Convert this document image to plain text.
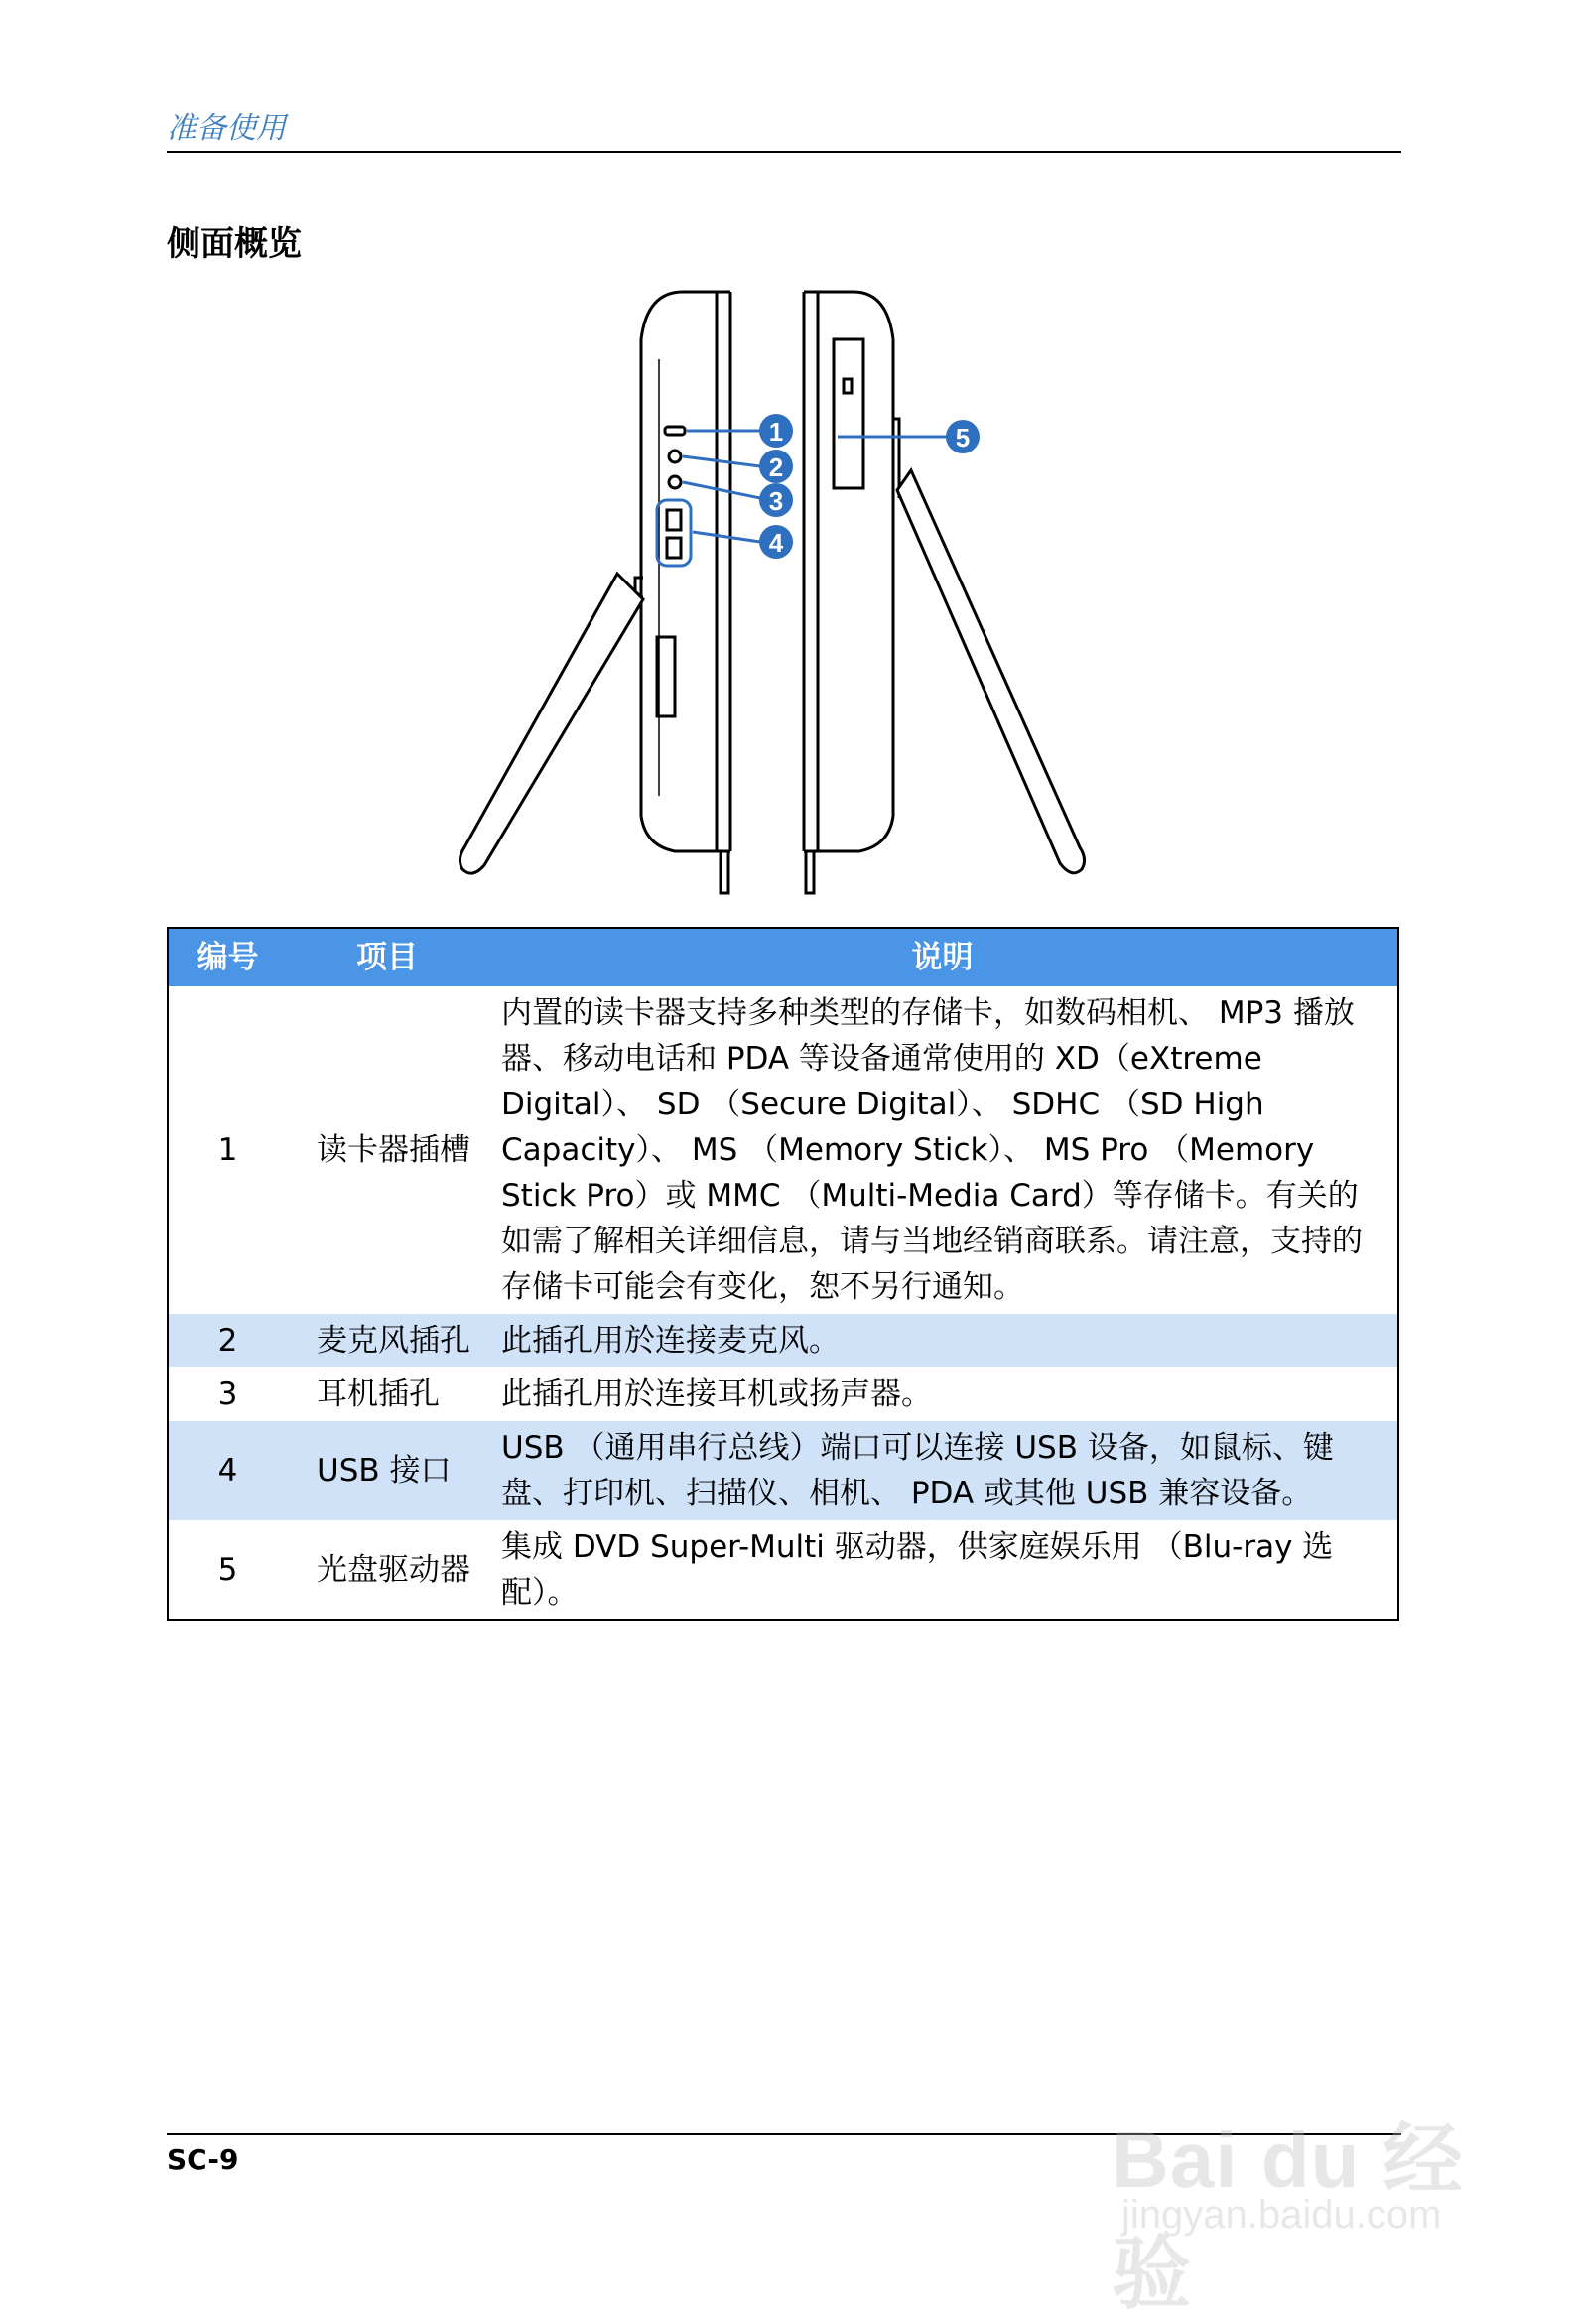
准备使用
侧面概览
1
2
3
4
5
编号	项目	说明
1	读卡器插槽	内置的读卡器支持多种类型的存储卡，如数码相机、 MP3 播放器、移动电话和 PDA 等设备通常使用的 XD（eXtreme Digital）、 SD （Secure Digital）、 SDHC （SD High Capacity）、 MS （Memory Stick）、 MS Pro （Memory Stick Pro）或 MMC （Multi-Media Card）等存储卡。有关的如需了解相关详细信息，请与当地经销商联系。请注意，支持的存储卡可能会有变化，恕不另行通知。
2	麦克风插孔	此插孔用於连接麦克风。
3	耳机插孔	此插孔用於连接耳机或扬声器。
4	USB 接口	USB （通用串行总线）端口可以连接 USB 设备，如鼠标、键盘、打印机、扫描仪、相机、 PDA 或其他 USB 兼容设备。
5	光盘驱动器	集成 DVD Super-Multi 驱动器，供家庭娱乐用 （Blu-ray 选配）。
SC-9	Bai du 经验
jingyan.baidu.com
